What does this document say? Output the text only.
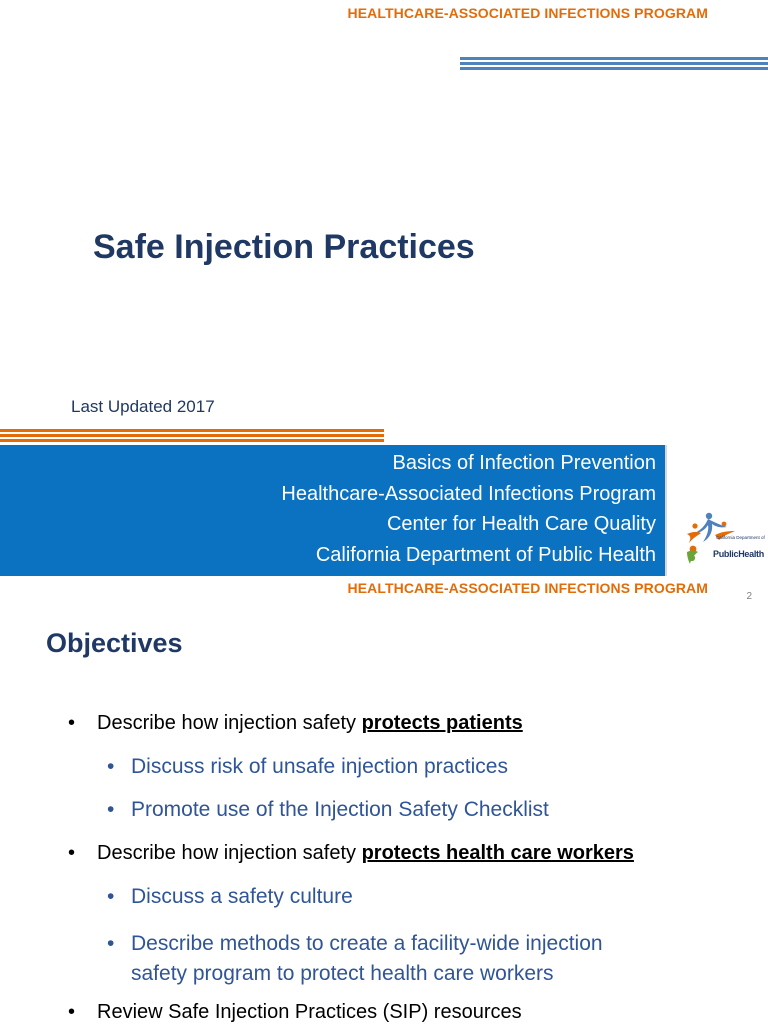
HEALTHCARE-ASSOCIATED INFECTIONS PROGRAM
Safe Injection Practices
Last Updated 2017
Basics of Infection Prevention
Healthcare-Associated Infections Program
Center for Health Care Quality
California Department of Public Health
California Department of
PublicHealth
HEALTHCARE-ASSOCIATED INFECTIONS PROGRAM
2
Objectives
• Describe how injection safety protects patients
• Discuss risk of unsafe injection practices
• Promote use of the Injection Safety Checklist
• Describe how injection safety protects health care workers
• Discuss a safety culture
• Describe methods to create a facility-wide injection
safety program to protect health care workers
• Review Safe Injection Practices (SIP) resources
